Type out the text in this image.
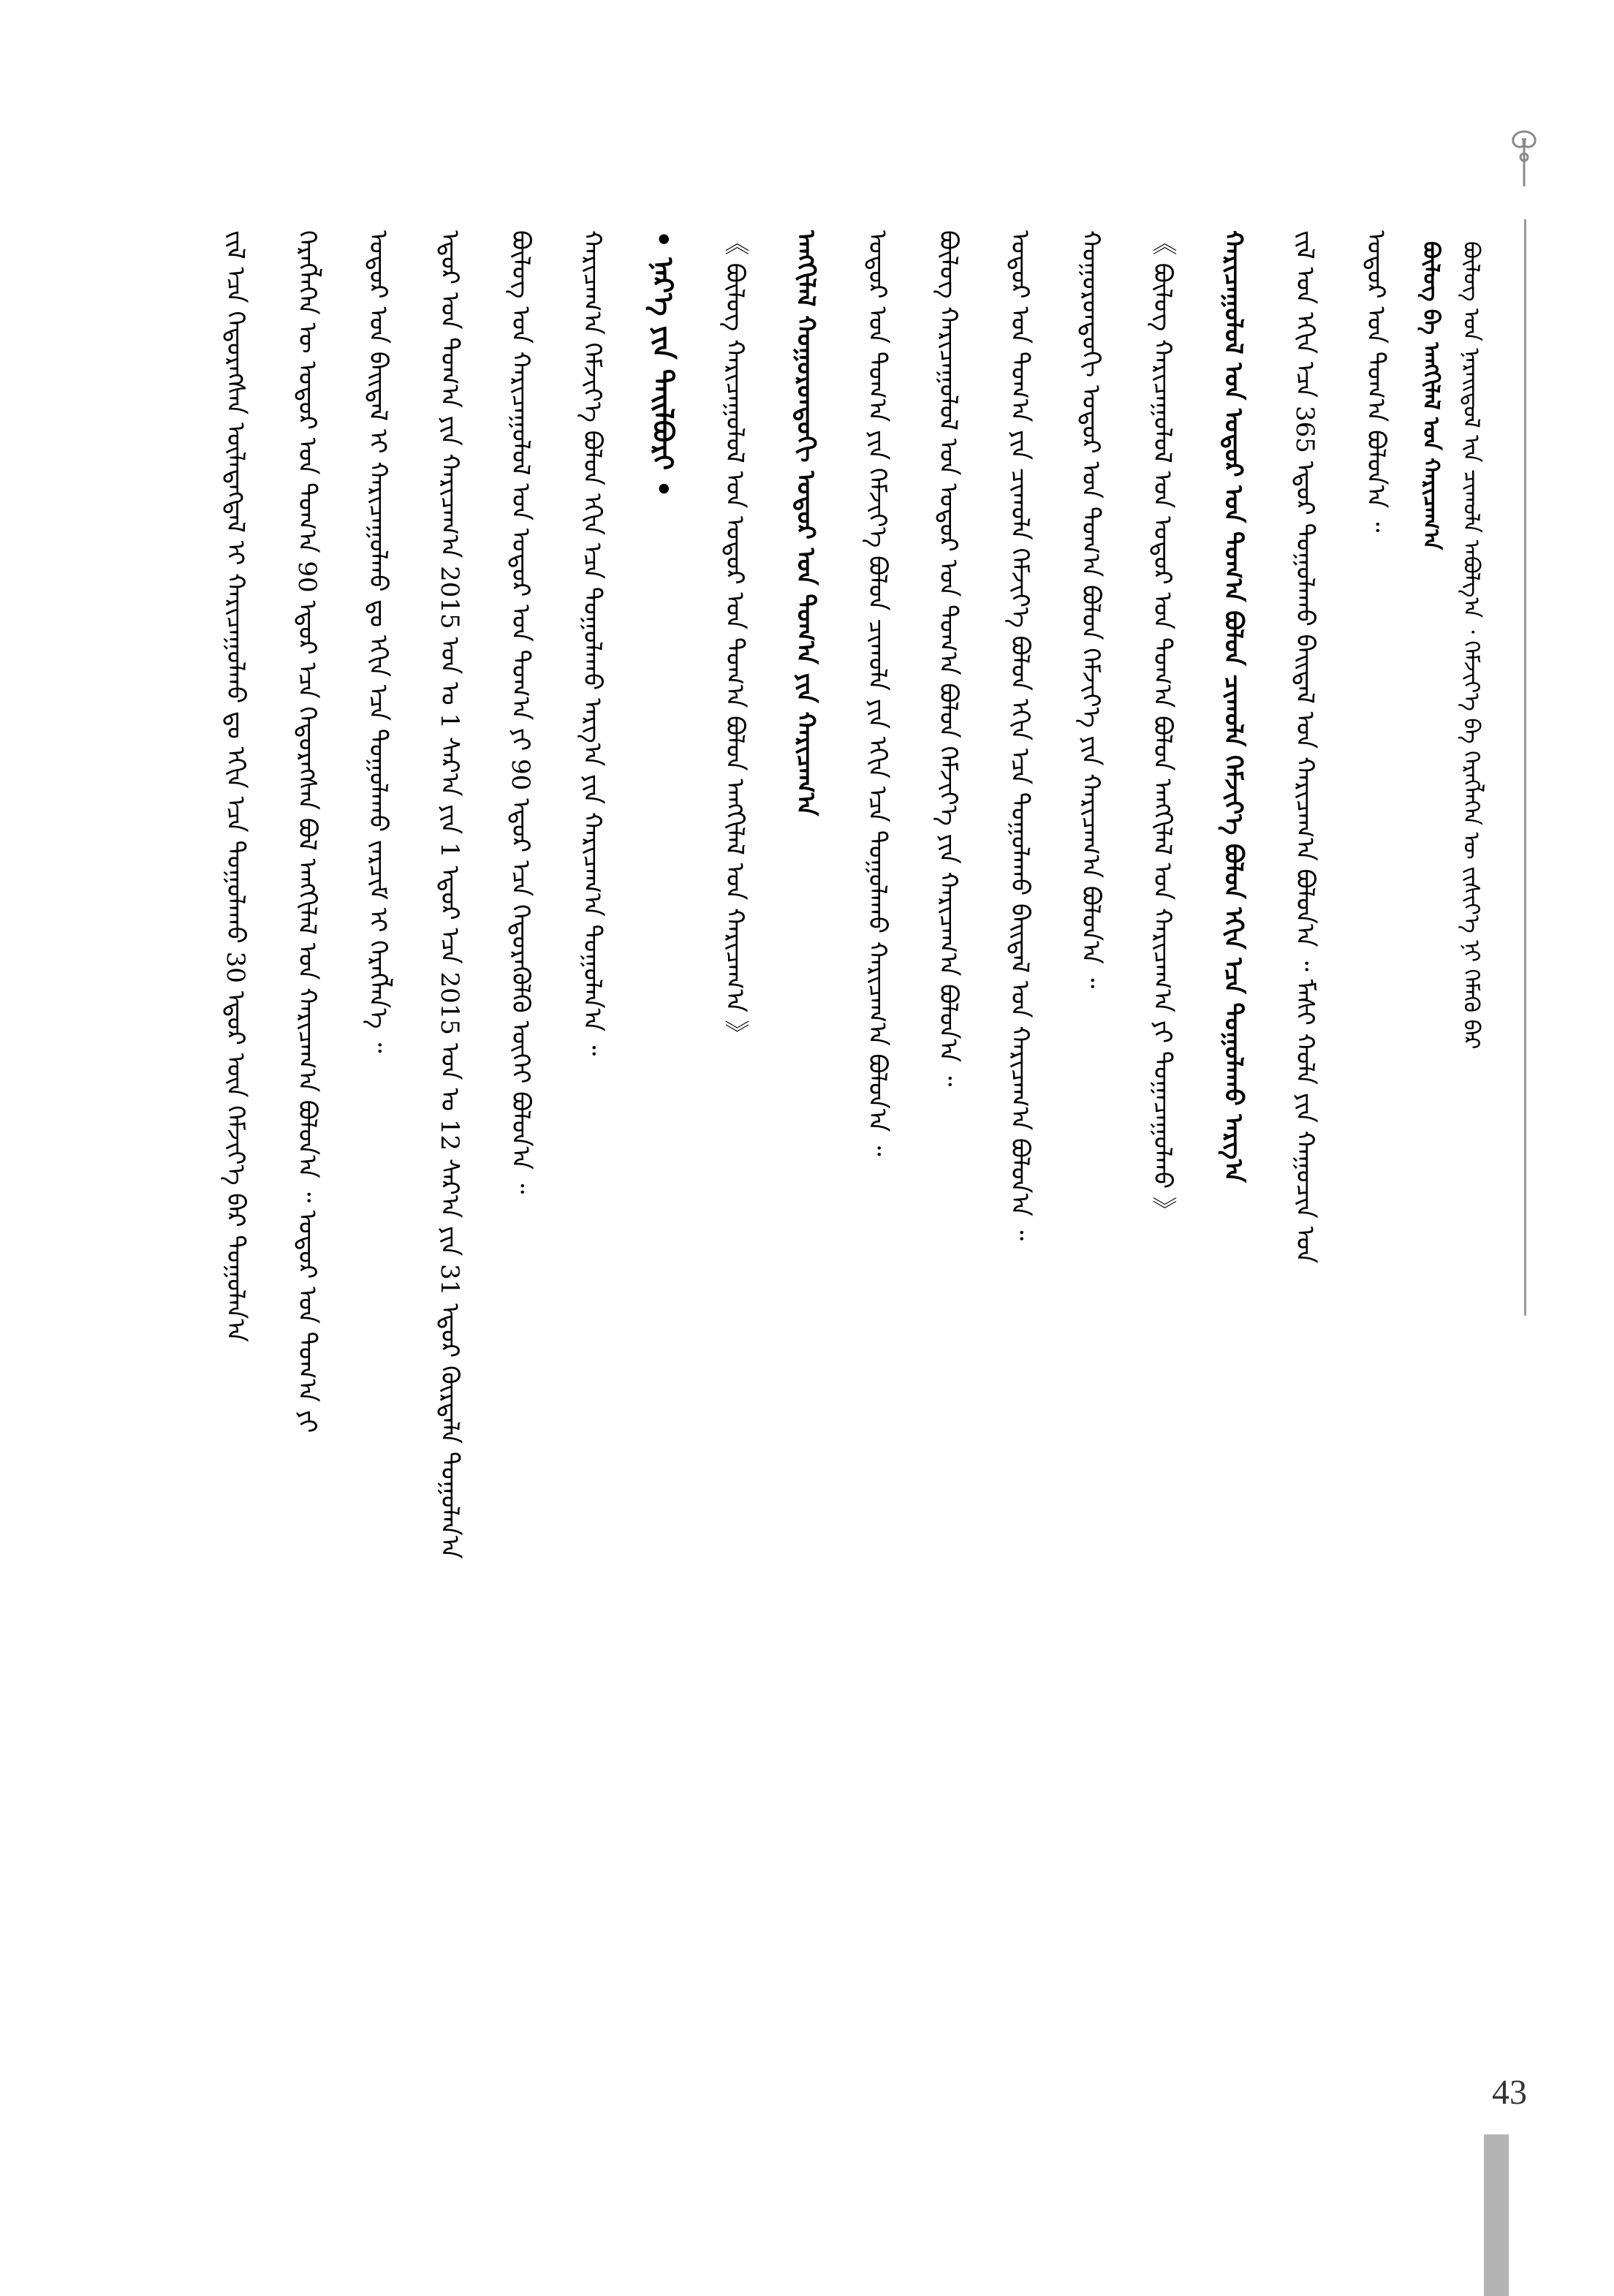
ᠪᠦᠯᠦᠭ ᠤᠨ ᠨᠡᠷᠡᠢᠳᠦᠯ ᠢᠨ ᠴᠢᠬᠤᠯᠠ ᠠᠪᠤᠯᠭ᠎ᠠ ᠂ ᠬᠡᠮᠵᠢᠶ᠎ᠡ ᠪᠠ ᠬᠡᠷᠡᠭᠯᠡᠭᠡᠨ ᠦ ᠵᠢᠱᠢᠶ᠎ᠡ ᠨᠢ ᠬᠡᠮᠡᠬᠦ ᠪᠡᠷ
ᠪᠦᠯᠦᠭ ᠪᠠ ᠠᠩᠭᠢᠯᠠᠯ ᠤᠨ ᠬᠠᠷᠢᠴᠠᠭ᠎ᠠ
ᠣᠳᠣᠷ ᠤᠨ ᠲᠣᠭ᠎ᠠ ᠪᠣᠯᠤᠨ᠎ᠠ ᠃
ᠵᠢᠯ ᠤᠨ ᠡᠬᠢᠨ ᠡᠴᠡ 365 ᠡᠳᠦᠷ ᠲᠣᠭᠣᠯᠠᠬᠤ ᠪᠠᠢᠳᠠᠯ ᠤᠨ ᠬᠠᠷᠢᠴᠠᠭ᠎ᠠ ᠪᠣᠯᠤᠨ᠎ᠠ ᠃ ᠮᠠᠰᠢ ᠬᠣᠯᠠ ᠶᠢᠨ ᠬᠠᠭᠤᠴᠢᠨ ᠤᠨ
ᠬᠠᠷᠢᠴᠠᠭᠤᠯᠤᠯ ᠤᠨ ᠣᠳᠣᠷ ᠤᠨ ᠲᠣᠭ᠎ᠠ ᠪᠣᠯᠤᠨ ᠴᠢᠬᠤᠯᠠ ᠬᠡᠮᠵᠢᠶ᠎ᠡ ᠪᠣᠯᠤᠨ ᠡᠬᠢᠨ ᠡᠴᠡ ᠲᠣᠭᠣᠯᠠᠬᠤ ᠠᠷᠭ᠎ᠠ
《 ᠪᠦᠯᠦᠭ ᠬᠠᠷᠢᠴᠠᠭᠤᠯᠤᠯ ᠤᠨ ᠣᠳᠣᠷ ᠤᠨ ᠲᠣᠭ᠎ᠠ ᠪᠣᠯᠤᠨ ᠠᠩᠭᠢᠯᠠᠯ ᠤᠨ ᠬᠠᠷᠢᠴᠠᠭ᠎ᠠ ᠶᠢ ᠲᠣᠭᠠᠴᠠᠭᠤᠯᠬᠤ 》
ᠬᠣᠭᠣᠷᠣᠨᠳᠣᠬᠢ ᠣᠳᠣᠷ ᠤᠨ ᠲᠣᠭ᠎ᠠ ᠪᠣᠯᠤᠨ ᠬᠡᠮᠵᠢᠶ᠎ᠡ ᠶᠢᠨ ᠬᠠᠷᠢᠴᠠᠭ᠎ᠠ ᠪᠣᠯᠤᠨ᠎ᠠ ᠃
ᠣᠳᠣᠷ ᠤᠨ ᠲᠣᠭ᠎ᠠ ᠶᠢᠨ ᠴᠢᠬᠤᠯᠠ ᠬᠡᠮᠵᠢᠶ᠎ᠡ ᠪᠣᠯᠤᠨ ᠡᠬᠢᠨ ᠡᠴᠡ ᠲᠣᠭᠣᠯᠠᠬᠤ ᠪᠠᠢᠳᠠᠯ ᠤᠨ ᠬᠠᠷᠢᠴᠠᠭ᠎ᠠ ᠪᠣᠯᠤᠨ᠎ᠠ ᠃
ᠪᠦᠯᠦᠭ ᠬᠠᠷᠢᠴᠠᠭᠤᠯᠤᠯ ᠤᠨ ᠣᠳᠣᠷ ᠤᠨ ᠲᠣᠭ᠎ᠠ ᠪᠣᠯᠤᠨ ᠬᠡᠮᠵᠢᠶ᠎ᠡ ᠶᠢᠨ ᠬᠠᠷᠢᠴᠠᠭ᠎ᠠ ᠪᠣᠯᠤᠨ᠎ᠠ ᠃
ᠣᠳᠣᠷ ᠤᠨ ᠲᠣᠭ᠎ᠠ ᠶᠢᠨ ᠬᠡᠮᠵᠢᠶ᠎ᠡ ᠪᠣᠯᠤᠨ ᠴᠢᠬᠤᠯᠠ ᠶᠢᠨ ᠡᠬᠢᠨ ᠡᠴᠡ ᠲᠣᠭᠣᠯᠠᠬᠤ ᠬᠠᠷᠢᠴᠠᠭ᠎ᠠ ᠪᠣᠯᠤᠨ᠎ᠠ ᠃
ᠠᠩᠭᠢᠯᠠᠯ ᠬᠣᠭᠣᠷᠣᠨᠳᠣᠬᠢ ᠣᠳᠣᠷ ᠤᠨ ᠲᠣᠭ᠎ᠠ ᠶᠢᠨ ᠬᠠᠷᠢᠴᠠᠭ᠎ᠠ
《 ᠪᠦᠯᠦᠭ ᠬᠠᠷᠢᠴᠠᠭᠤᠯᠤᠯ ᠤᠨ ᠣᠳᠣᠷ ᠤᠨ ᠲᠣᠭ᠎ᠠ ᠪᠣᠯᠤᠨ ᠠᠩᠭᠢᠯᠠᠯ ᠤᠨ ᠬᠠᠷᠢᠴᠠᠭ᠎ᠠ 》
• ᠨᠡᠷ᠎ᠡ ᠶᠢᠨ ᠲᠠᠢᠯᠪᠤᠷᠢ •
ᠬᠠᠷᠢᠴᠠᠭ᠎ᠠ ᠬᠡᠮᠵᠢᠶ᠎ᠡ ᠪᠣᠯᠤᠨ ᠡᠬᠢᠨ ᠡᠴᠡ ᠲᠣᠭᠣᠯᠠᠬᠤ ᠠᠷᠭ᠎ᠠ ᠶᠢᠨ ᠬᠠᠷᠢᠴᠠᠭ᠎ᠠ ᠲᠣᠭᠣᠯᠠᠨ᠎ᠠ ᠃
ᠪᠦᠯᠦᠭ ᠤᠨ ᠬᠠᠷᠢᠴᠠᠭᠤᠯᠤᠯ ᠤᠨ ᠣᠳᠣᠷ ᠤᠨ ᠲᠣᠭ᠎ᠠ ᠶᠢ 90 ᠡᠳᠦᠷ ᠡᠴᠡ ᠬᠡᠲᠦᠷᠡᠭᠦᠯᠬᠦ ᠦᠭᠡᠢ ᠪᠣᠯᠤᠨ᠎ᠠ ᠃
ᠡᠳᠦᠷ ᠤᠨ ᠲᠣᠭ᠎ᠠ ᠶᠢᠨ ᠬᠠᠷᠢᠴᠠᠭ᠎ᠠ 2015 ᠣᠨ ᠤ 1 ᠰᠠᠷ᠎ᠠ ᠶᠢᠨ 1 ᠡᠳᠦᠷ ᠡᠴᠡ 2015 ᠣᠨ ᠤ 12 ᠰᠠᠷ᠎ᠠ ᠶᠢᠨ 31 ᠡᠳᠦᠷ ᠬᠦᠷᠲᠡᠯᠡ ᠲᠣᠭᠣᠯᠠᠨ᠎ᠠ
ᠣᠳᠣᠷ ᠤᠨ ᠪᠠᠢᠳᠠᠯ ᠢ ᠬᠠᠷᠢᠴᠠᠭᠤᠯᠬᠤ ᠳᠤ ᠡᠬᠢᠨ ᠡᠴᠡ ᠲᠣᠭᠣᠯᠠᠬᠤ ᠵᠠᠷᠴᠢᠮ ᠢ ᠬᠡᠷᠡᠭᠯᠡᠨ᠎ᠡ ᠃
ᠬᠡᠷᠡᠭᠯᠡᠭᠡᠨ ᠦ ᠣᠳᠣᠷ ᠤᠨ ᠲᠣᠭ᠎ᠠ 90 ᠡᠳᠦᠷ ᠡᠴᠡ ᠬᠡᠲᠦᠷᠡᠭᠰᠡᠨ ᠪᠣᠯ ᠠᠩᠭᠢᠯᠠᠯ ᠤᠨ ᠬᠠᠷᠢᠴᠠᠭ᠎ᠠ ᠪᠣᠯᠤᠨ᠎ᠠ ᠃ ᠣᠳᠣᠷ ᠤᠨ ᠲᠣᠭ᠎ᠠ ᠶᠢ
ᠵᠢᠯ ᠡᠴᠡ ᠬᠡᠲᠦᠷᠡᠭᠰᠡᠨ ᠦᠯᠡᠳᠡᠭᠳᠡᠯ ᠢ ᠬᠠᠷᠢᠴᠠᠭᠤᠯᠬᠤ ᠳᠤ ᠡᠬᠢᠨ ᠡᠴᠡ ᠲᠣᠭᠣᠯᠠᠬᠤ 30 ᠡᠳᠦᠷ ᠦᠨ ᠬᠡᠮᠵᠢᠶ᠎ᠡ ᠪᠠᠷ ᠲᠣᠭᠣᠯᠠᠨ᠎ᠠ
43
